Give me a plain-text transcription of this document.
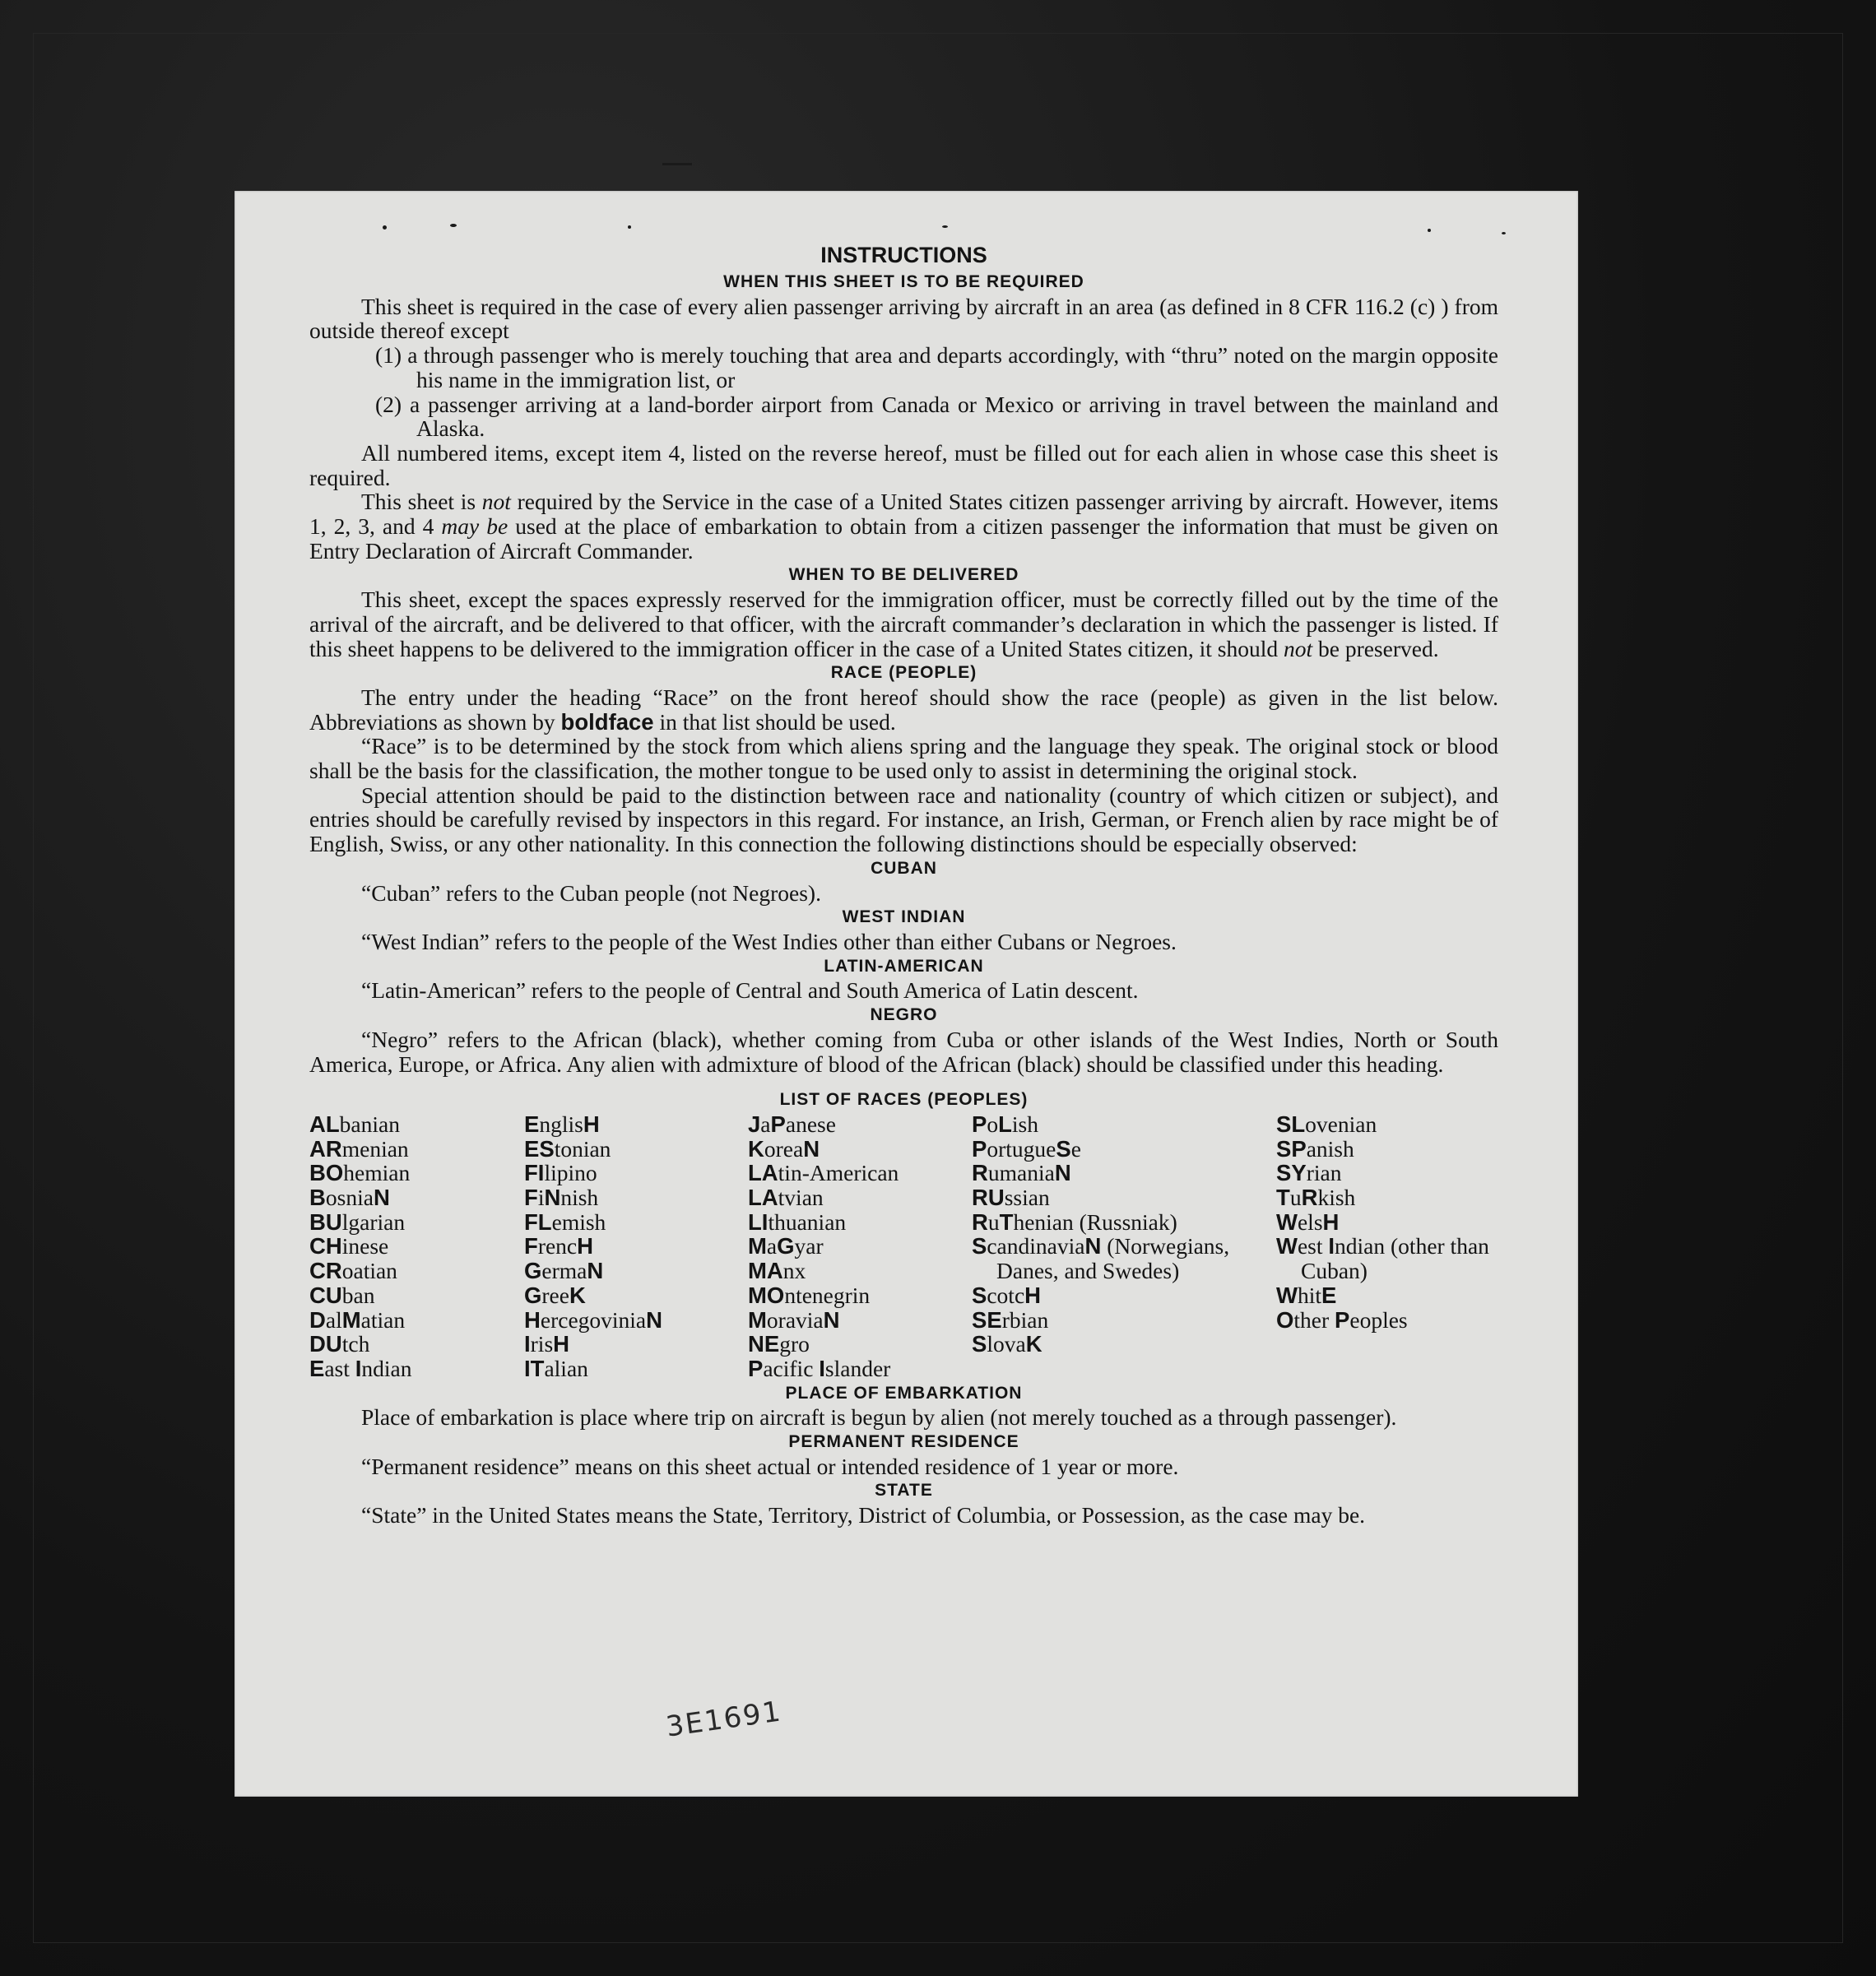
INSTRUCTIONS

WHEN THIS SHEET IS TO BE REQUIRED

This sheet is required in the case of every alien passenger arriving by aircraft in an area (as defined in 8 CFR 116.2 (c) ) from outside thereof except

(1) a through passenger who is merely touching that area and departs accordingly, with “thru” noted on the margin opposite his name in the immigration list, or

(2) a passenger arriving at a land-border airport from Canada or Mexico or arriving in travel between the mainland and Alaska.

All numbered items, except item 4, listed on the reverse hereof, must be filled out for each alien in whose case this sheet is required.

This sheet is not required by the Service in the case of a United States citizen passenger arriving by aircraft. However, items 1, 2, 3, and 4 may be used at the place of embarkation to obtain from a citizen passenger the information that must be given on Entry Declaration of Aircraft Commander.

WHEN TO BE DELIVERED

This sheet, except the spaces expressly reserved for the immigration officer, must be correctly filled out by the time of the arrival of the aircraft, and be delivered to that officer, with the aircraft commander’s declaration in which the passenger is listed. If this sheet happens to be delivered to the immigration officer in the case of a United States citizen, it should not be preserved.

RACE (PEOPLE)

The entry under the heading “Race” on the front hereof should show the race (people) as given in the list below. Abbreviations as shown by boldface in that list should be used.

“Race” is to be determined by the stock from which aliens spring and the language they speak. The original stock or blood shall be the basis for the classification, the mother tongue to be used only to assist in determining the original stock.

Special attention should be paid to the distinction between race and nationality (country of which citizen or subject), and entries should be carefully revised by inspectors in this regard. For instance, an Irish, German, or French alien by race might be of English, Swiss, or any other nationality. In this connection the following distinctions should be especially observed:

CUBAN

“Cuban” refers to the Cuban people (not Negroes).

WEST INDIAN

“West Indian” refers to the people of the West Indies other than either Cubans or Negroes.

LATIN-AMERICAN

“Latin-American” refers to the people of Central and South America of Latin descent.

NEGRO

“Negro” refers to the African (black), whether coming from Cuba or other islands of the West Indies, North or South America, Europe, or Africa. Any alien with admixture of blood of the African (black) should be classified under this heading.

LIST OF RACES (PEOPLES)

ALbanian
ARmenian
BOhemian
BosniaN
BUlgarian
CHinese
CRoatian
CUban
DalMatian
DUtch
East Indian
EnglisH
EStonian
FIlipino
FiNnish
FLemish
FrencH
GermaN
GreeK
HercegoviniaN
IrisH
ITalian
JaPanese
KoreaN
LAtin-American
LAtvian
LIthuanian
MaGyar
MAnx
MOntenegrin
MoraviaN
NEgro
Pacific Islander
PoLish
PortugueSe
RumaniaN
RUssian
RuThenian (Russniak)
ScandinaviaN (Norwegians, Danes, and Swedes)
ScotcH
SErbian
SlovaK
SLovenian
SPanish
SYrian
TuRkish
WelsH
West Indian (other than Cuban)
WhitE
Other Peoples

PLACE OF EMBARKATION

Place of embarkation is place where trip on aircraft is begun by alien (not merely touched as a through passenger).

PERMANENT RESIDENCE

“Permanent residence” means on this sheet actual or intended residence of 1 year or more.

STATE

“State” in the United States means the State, Territory, District of Columbia, or Possession, as the case may be.

3E1691
